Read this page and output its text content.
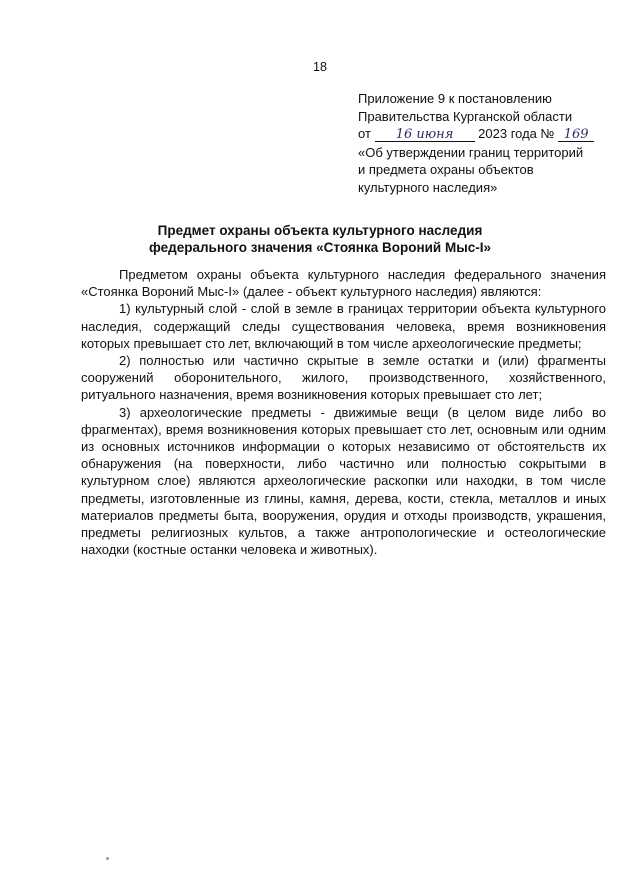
18
Приложение 9 к постановлению
Правительства Курганской области
от 16 июня 2023 года № 169
«Об утверждении границ территорий
и предмета охраны объектов
культурного наследия»
Предмет охраны объекта культурного наследия
федерального значения «Стоянка Вороний Мыс-I»

Предметом охраны объекта культурного наследия федерального значения «Стоянка Вороний Мыс-I» (далее - объект культурного наследия) являются:

1) культурный слой - слой в земле в границах территории объекта культурного наследия, содержащий следы существования человека, время возникновения которых превышает сто лет, включающий в том числе археологические предметы;

2) полностью или частично скрытые в земле остатки и (или) фрагменты сооружений оборонительного, жилого, производственного, хозяйственного, ритуального назначения, время возникновения которых превышает сто лет;

3) археологические предметы - движимые вещи (в целом виде либо во фрагментах), время возникновения которых превышает сто лет, основным или одним из основных источников информации о которых независимо от обстоятельств их обнаружения (на поверхности, либо частично или полностью сокрытыми в культурном слое) являются археологические раскопки или находки, в том числе предметы, изготовленные из глины, камня, дерева, кости, стекла, металлов и иных материалов предметы быта, вооружения, орудия и отходы производств, украшения, предметы религиозных культов, а также антропологические и остеологические находки (костные останки человека и животных).
